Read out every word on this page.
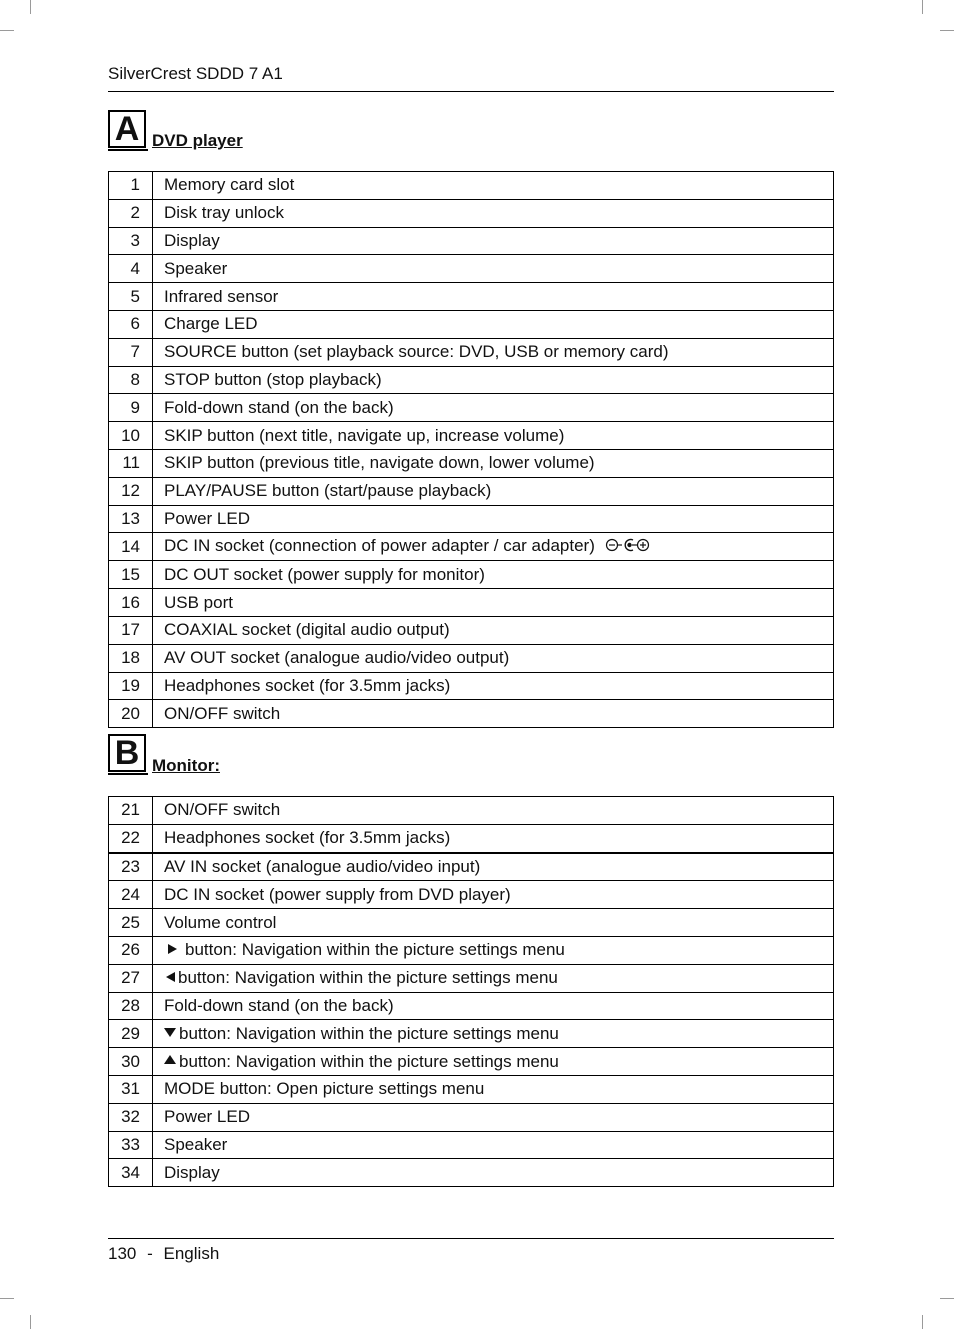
SilverCrest SDDD 7 A1
A DVD player
1	Memory card slot
2	Disk tray unlock
3	Display
4	Speaker
5	Infrared sensor
6	Charge LED
7	SOURCE button (set playback source: DVD, USB or memory card)
8	STOP button (stop playback)
9	Fold-down stand (on the back)
10	SKIP button (next title, navigate up, increase volume)
11	SKIP button (previous title, navigate down, lower volume)
12	PLAY/PAUSE button (start/pause playback)
13	Power LED
14	DC IN socket (connection of power adapter / car adapter)
15	DC OUT socket (power supply for monitor)
16	USB port
17	COAXIAL socket (digital audio output)
18	AV OUT socket (analogue audio/video output)
19	Headphones socket (for 3.5mm jacks)
20	ON/OFF switch
B Monitor:
21	ON/OFF switch
22	Headphones socket (for 3.5mm jacks)
23	AV IN socket (analogue audio/video input)
24	DC IN socket (power supply from DVD player)
25	Volume control
26	button: Navigation within the picture settings menu
27	button: Navigation within the picture settings menu
28	Fold-down stand (on the back)
29	button: Navigation within the picture settings menu
30	button: Navigation within the picture settings menu
31	MODE button: Open picture settings menu
32	Power LED
33	Speaker
34	Display
130 - English
